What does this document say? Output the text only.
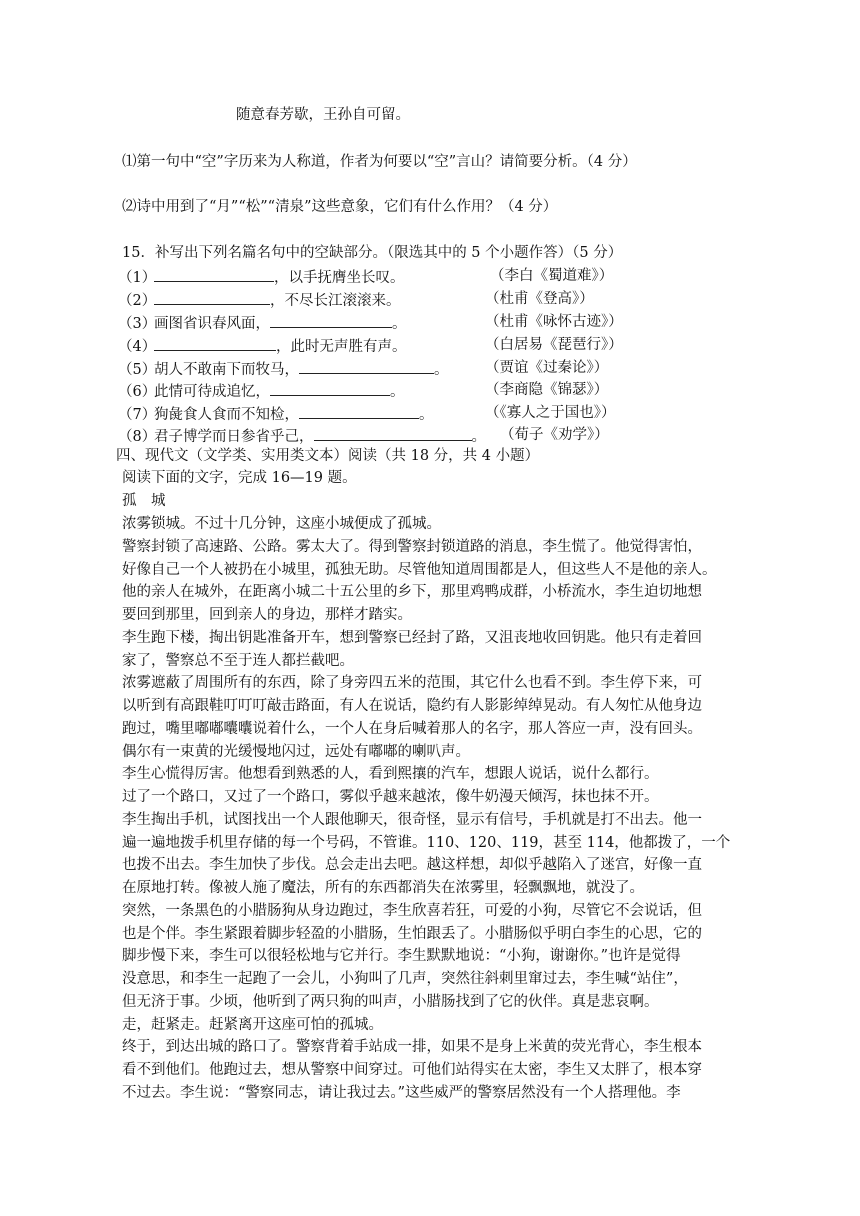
随意春芳歇，王孙自可留。
⑴第一句中“空”字历来为人称道，作者为何要以“空”言山？请简要分析。（4 分）
⑵诗中用到了“月”“松”“清泉”这些意象，它们有什么作用？（4 分）
15．补写出下列名篇名句中的空缺部分。（限选其中的 5 个小题作答）（5 分）
（1）	，以手抚膺坐长叹。	（李白《蜀道难》）
（2）	，不尽长江滚滚来。	（杜甫《登高》）
（3）画图省识春风面，	。	（杜甫《咏怀古迹》）
（4）	，此时无声胜有声。	（白居易《琵琶行》）
（5）胡人不敢南下而牧马，	。	（贾谊《过秦论》）
（6）此情可待成追忆，	。	（李商隐《锦瑟》）
（7）狗彘食人食而不知检，	。	（《寡人之于国也》）
（8）君子博学而日参省乎己，	。 （荀子《劝学》）
四、现代文（文学类、实用类文本）阅读（共 18 分，共 4 小题）
阅读下面的文字，完成 16—19 题。
孤　城
浓雾锁城。不过十几分钟，这座小城便成了孤城。
警察封锁了高速路、公路。雾太大了。得到警察封锁道路的消息，李生慌了。他觉得害怕，
好像自己一个人被扔在小城里，孤独无助。尽管他知道周围都是人，但这些人不是他的亲人。
他的亲人在城外，在距离小城二十五公里的乡下，那里鸡鸭成群，小桥流水，李生迫切地想
要回到那里，回到亲人的身边，那样才踏实。
李生跑下楼，掏出钥匙准备开车，想到警察已经封了路，又沮丧地收回钥匙。他只有走着回
家了，警察总不至于连人都拦截吧。
浓雾遮蔽了周围所有的东西，除了身旁四五米的范围，其它什么也看不到。李生停下来，可
以听到有高跟鞋叮叮叮敲击路面，有人在说话，隐约有人影影绰绰晃动。有人匆忙从他身边
跑过，嘴里嘟嘟囔囔说着什么，一个人在身后喊着那人的名字，那人答应一声，没有回头。
偶尔有一束黄的光缓慢地闪过，远处有嘟嘟的喇叭声。
李生心慌得厉害。他想看到熟悉的人，看到熙攘的汽车，想跟人说话，说什么都行。
过了一个路口，又过了一个路口，雾似乎越来越浓，像牛奶漫天倾泻，抹也抹不开。
李生掏出手机，试图找出一个人跟他聊天，很奇怪，显示有信号，手机就是打不出去。他一
遍一遍地拨手机里存储的每一个号码，不管谁。110、120、119，甚至 114，他都拨了，一个
也拨不出去。李生加快了步伐。总会走出去吧。越这样想，却似乎越陷入了迷宫，好像一直
在原地打转。像被人施了魔法，所有的东西都消失在浓雾里，轻飘飘地，就没了。
突然，一条黑色的小腊肠狗从身边跑过，李生欣喜若狂，可爱的小狗，尽管它不会说话，但
也是个伴。李生紧跟着脚步轻盈的小腊肠，生怕跟丢了。小腊肠似乎明白李生的心思，它的
脚步慢下来，李生可以很轻松地与它并行。李生默默地说：“小狗，谢谢你。”也许是觉得
没意思，和李生一起跑了一会儿，小狗叫了几声，突然往斜刺里窜过去，李生喊“站住”，
但无济于事。少顷，他听到了两只狗的叫声，小腊肠找到了它的伙伴。真是悲哀啊。
走，赶紧走。赶紧离开这座可怕的孤城。
终于，到达出城的路口了。警察背着手站成一排，如果不是身上米黄的荧光背心，李生根本
看不到他们。他跑过去，想从警察中间穿过。可他们站得实在太密，李生又太胖了，根本穿
不过去。李生说：“警察同志，请让我过去。”这些威严的警察居然没有一个人搭理他。李
